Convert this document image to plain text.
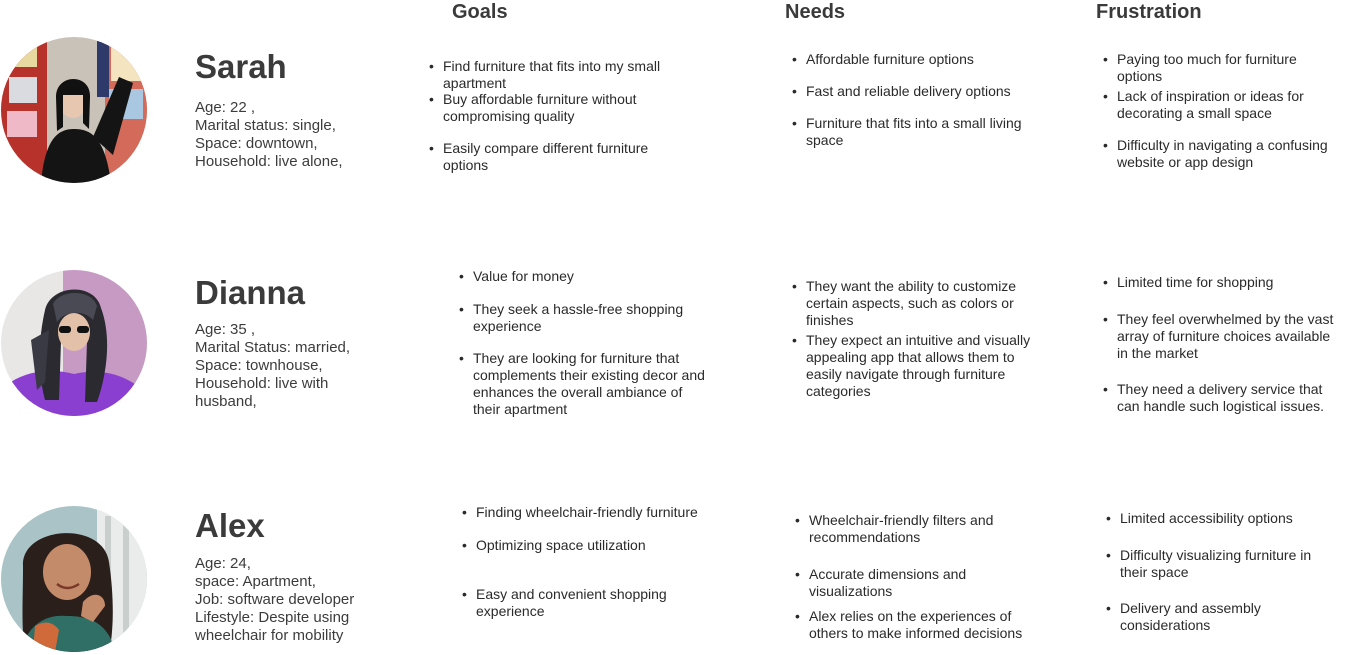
Goals	Needs	Frustration
Sarah
Age: 22 ,
Marital status: single,
Space: downtown,
Household: live alone,
• Find furniture that fits into my small apartment
• Buy affordable furniture without compromising quality
• Easily compare different furniture options
• Affordable furniture options
• Fast and reliable delivery options
• Furniture that fits into a small living space
• Paying too much for furniture options
• Lack of inspiration or ideas for decorating a small space
• Difficulty in navigating a confusing website or app design
Dianna
Age: 35 ,
Marital Status: married,
Space: townhouse,
Household: live with
husband,
• Value for money
• They seek a hassle-free shopping experience
• They are looking for furniture that complements their existing decor and enhances the overall ambiance of their apartment
• They want the ability to customize certain aspects, such as colors or finishes
• They expect an intuitive and visually appealing app that allows them to easily navigate through furniture categories
• Limited time for shopping
• They feel overwhelmed by the vast array of furniture choices available in the market
• They need a delivery service that can handle such logistical issues.
Alex
Age: 24,
space: Apartment,
Job: software developer
Lifestyle: Despite using
wheelchair for mobility
• Finding wheelchair-friendly furniture
• Optimizing space utilization
• Easy and convenient shopping experience
• Wheelchair-friendly filters and recommendations
• Accurate dimensions and visualizations
• Alex relies on the experiences of others to make informed decisions
• Limited accessibility options
• Difficulty visualizing furniture in their space
• Delivery and assembly considerations
